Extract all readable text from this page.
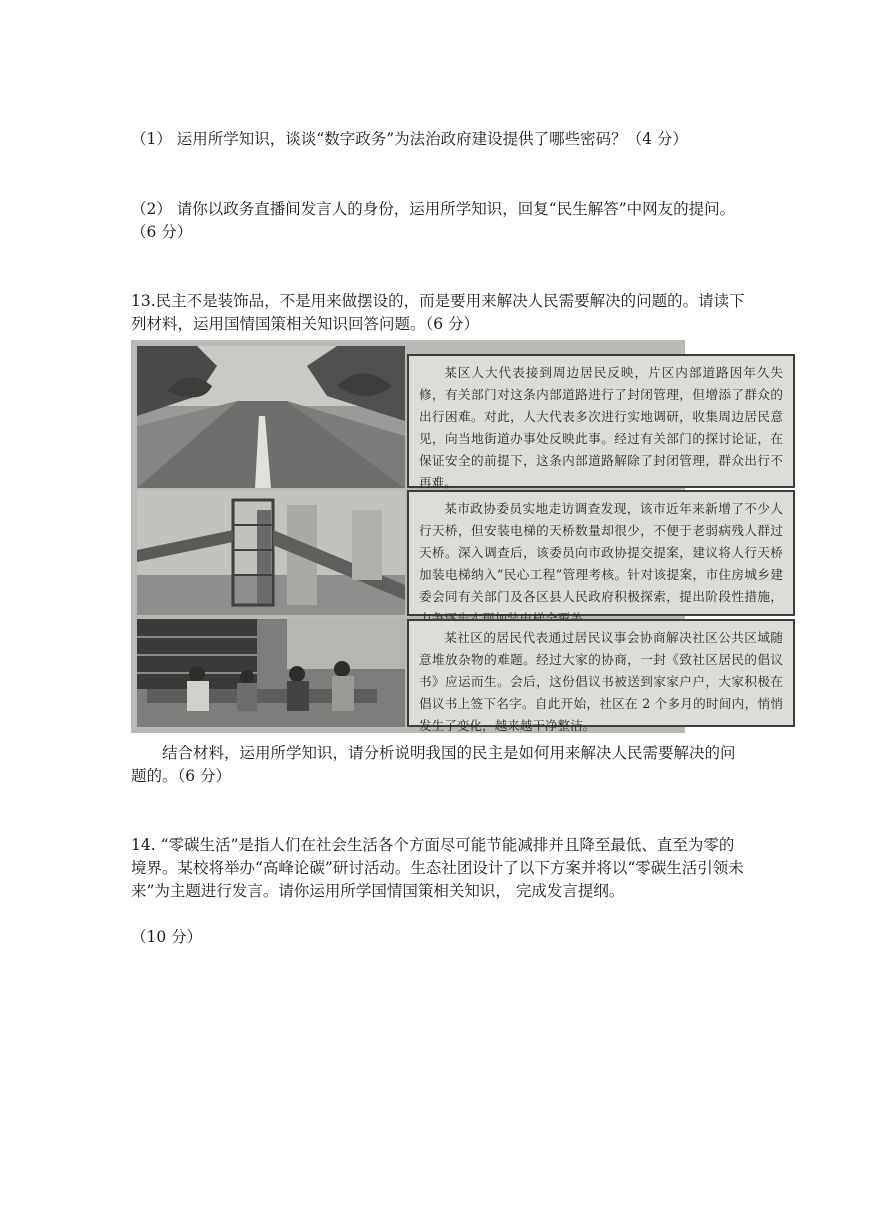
（1） 运用所学知识，谈谈“数字政务”为法治政府建设提供了哪些密码？（4 分）

（2） 请你以政务直播间发言人的身份，运用所学知识，回复“民生解答”中网友的提问。（6 分）

13.民主不是装饰品，不是用来做摆设的，而是要用来解决人民需要解决的问题的。请读下列材料，运用国情国策相关知识回答问题。（6 分）

某区人大代表接到周边居民反映，片区内部道路因年久失修，有关部门对这条内部道路进行了封闭管理，但增添了群众的出行困难。对此，人大代表多次进行实地调研，收集周边居民意见，向当地街道办事处反映此事。经过有关部门的探讨论证，在保证安全的前提下，这条内部道路解除了封闭管理，群众出行不再难。
某市政协委员实地走访调查发现，该市近年来新增了不少人行天桥，但安装电梯的天桥数量却很少，不便于老弱病残人群过天桥。深入调查后，该委员向市政协提交提案，建议将人行天桥加装电梯纳入“民心工程”管理考核。针对该提案，市住房城乡建委会同有关部门及各区县人民政府积极探索，提出阶段性措施，
某社区的居民代表通过居民议事会协商解决社区公共区域随意堆放杂物的难题。经过大家的协商，一封《致社区居民的倡议书》应运而生。会后，这份倡议书被送到家家户户，大家积极在倡议书上签下名字。自此开始，社区在 2 个多月的时间内，悄悄发生了变化，越来越干净整洁。

结合材料，运用所学知识，请分析说明我国的民主是如何用来解决人民需要解决的问题的。（6 分）

14. “零碳生活”是指人们在社会生活各个方面尽可能节能减排并且降至最低、直至为零的境界。某校将举办“高峰论碳”研讨活动。生态社团设计了以下方案并将以“零碳生活引领未来”为主题进行发言。请你运用所学国情国策相关知识， 完成发言提纲。

（10 分）
